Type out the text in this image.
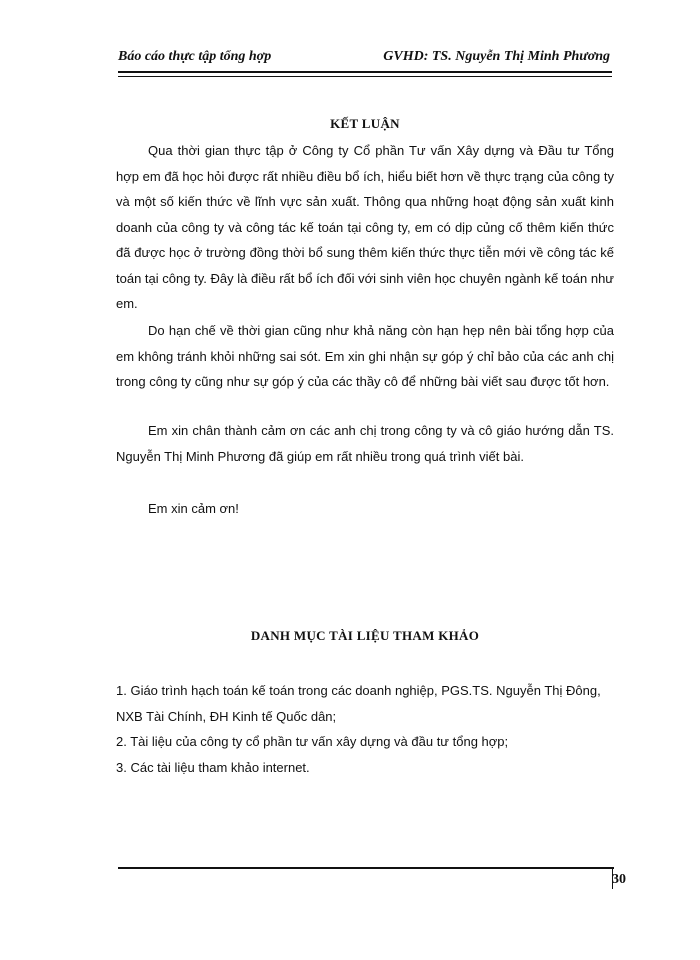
Báo cáo thực tập tổng hợp	GVHD: TS. Nguyễn Thị Minh Phương
KẾT LUẬN

Qua thời gian thực tập ở Công ty Cổ phần Tư vấn Xây dựng và Đầu tư Tổng hợp em đã học hỏi được rất nhiều điều bổ ích, hiểu biết hơn về thực trạng của công ty và một số kiến thức về lĩnh vực sản xuất. Thông qua những hoạt động sản xuất kinh doanh của công ty và công tác kế toán tại công ty, em có dịp củng cố thêm kiến thức đã được học ở trường đồng thời bổ sung thêm kiến thức thực tiễn mới về công tác kế toán tại công ty. Đây là điều rất bổ ích đối với sinh viên học chuyên ngành kế toán như em.

Do hạn chế về thời gian cũng như khả năng còn hạn hẹp nên bài tổng hợp của em không tránh khỏi những sai sót. Em xin ghi nhận sự góp ý chỉ bảo của các anh chị trong công ty cũng như sự góp ý của các thầy cô để những bài viết sau được tốt hơn.

Em xin chân thành cảm ơn các anh chị trong công ty và cô giáo hướng dẫn TS. Nguyễn Thị Minh Phương đã giúp em rất nhiều trong quá trình viết bài.

Em xin cảm ơn!

DANH MỤC TÀI LIỆU THAM KHẢO

1. Giáo trình hạch toán kế toán trong các doanh nghiệp, PGS.TS. Nguyễn Thị Đông, NXB Tài Chính, ĐH Kinh tế Quốc dân;

2. Tài liệu của công ty cổ phần tư vấn xây dựng và đầu tư tổng hợp;

3. Các tài liệu tham khảo internet.

30
